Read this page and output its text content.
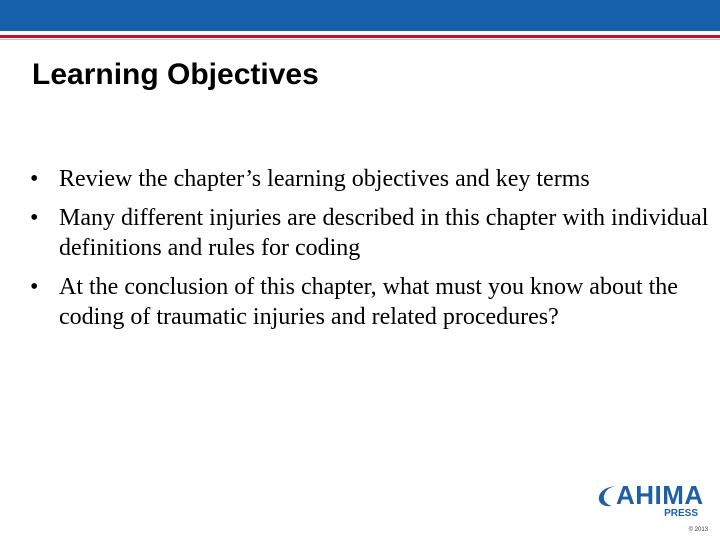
Learning Objectives
• Review the chapter’s learning objectives and key terms
• Many different injuries are described in this chapter with individual definitions and rules for coding
• At the conclusion of this chapter, what must you know about the coding of traumatic injuries and related procedures?
AHIMA
PRESS
© 2013
